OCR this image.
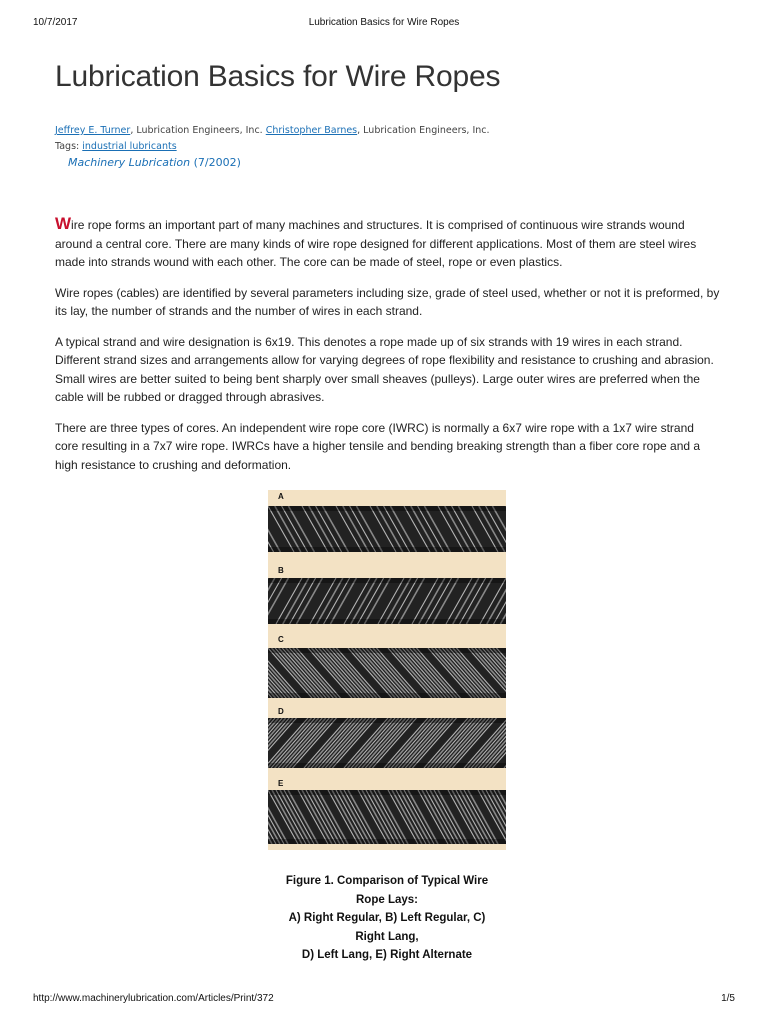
10/7/2017	Lubrication Basics for Wire Ropes
Lubrication Basics for Wire Ropes
Jeffrey E. Turner, Lubrication Engineers, Inc. Christopher Barnes, Lubrication Engineers, Inc.
Tags: industrial lubricants
Machinery Lubrication (7/2002)

Wire rope forms an important part of many machines and structures. It is comprised of continuous wire strands wound around a central core. There are many kinds of wire rope designed for different applications. Most of them are steel wires made into strands wound with each other. The core can be made of steel, rope or even plastics.

Wire ropes (cables) are identified by several parameters including size, grade of steel used, whether or not it is preformed, by its lay, the number of strands and the number of wires in each strand.

A typical strand and wire designation is 6x19. This denotes a rope made up of six strands with 19 wires in each strand. Different strand sizes and arrangements allow for varying degrees of rope flexibility and resistance to crushing and abrasion. Small wires are better suited to being bent sharply over small sheaves (pulleys). Large outer wires are preferred when the cable will be rubbed or dragged through abrasives.

There are three types of cores. An independent wire rope core (IWRC) is normally a 6x7 wire rope with a 1x7 wire strand core resulting in a 7x7 wire rope. IWRCs have a higher tensile and bending breaking strength than a fiber core rope and a high resistance to crushing and deformation.

A
B
C
D
E
Figure 1. Comparison of Typical Wire
Rope Lays:
A) Right Regular, B) Left Regular, C)
Right Lang,
D) Left Lang, E) Right Alternate
http://www.machinerylubrication.com/Articles/Print/372	1/5
